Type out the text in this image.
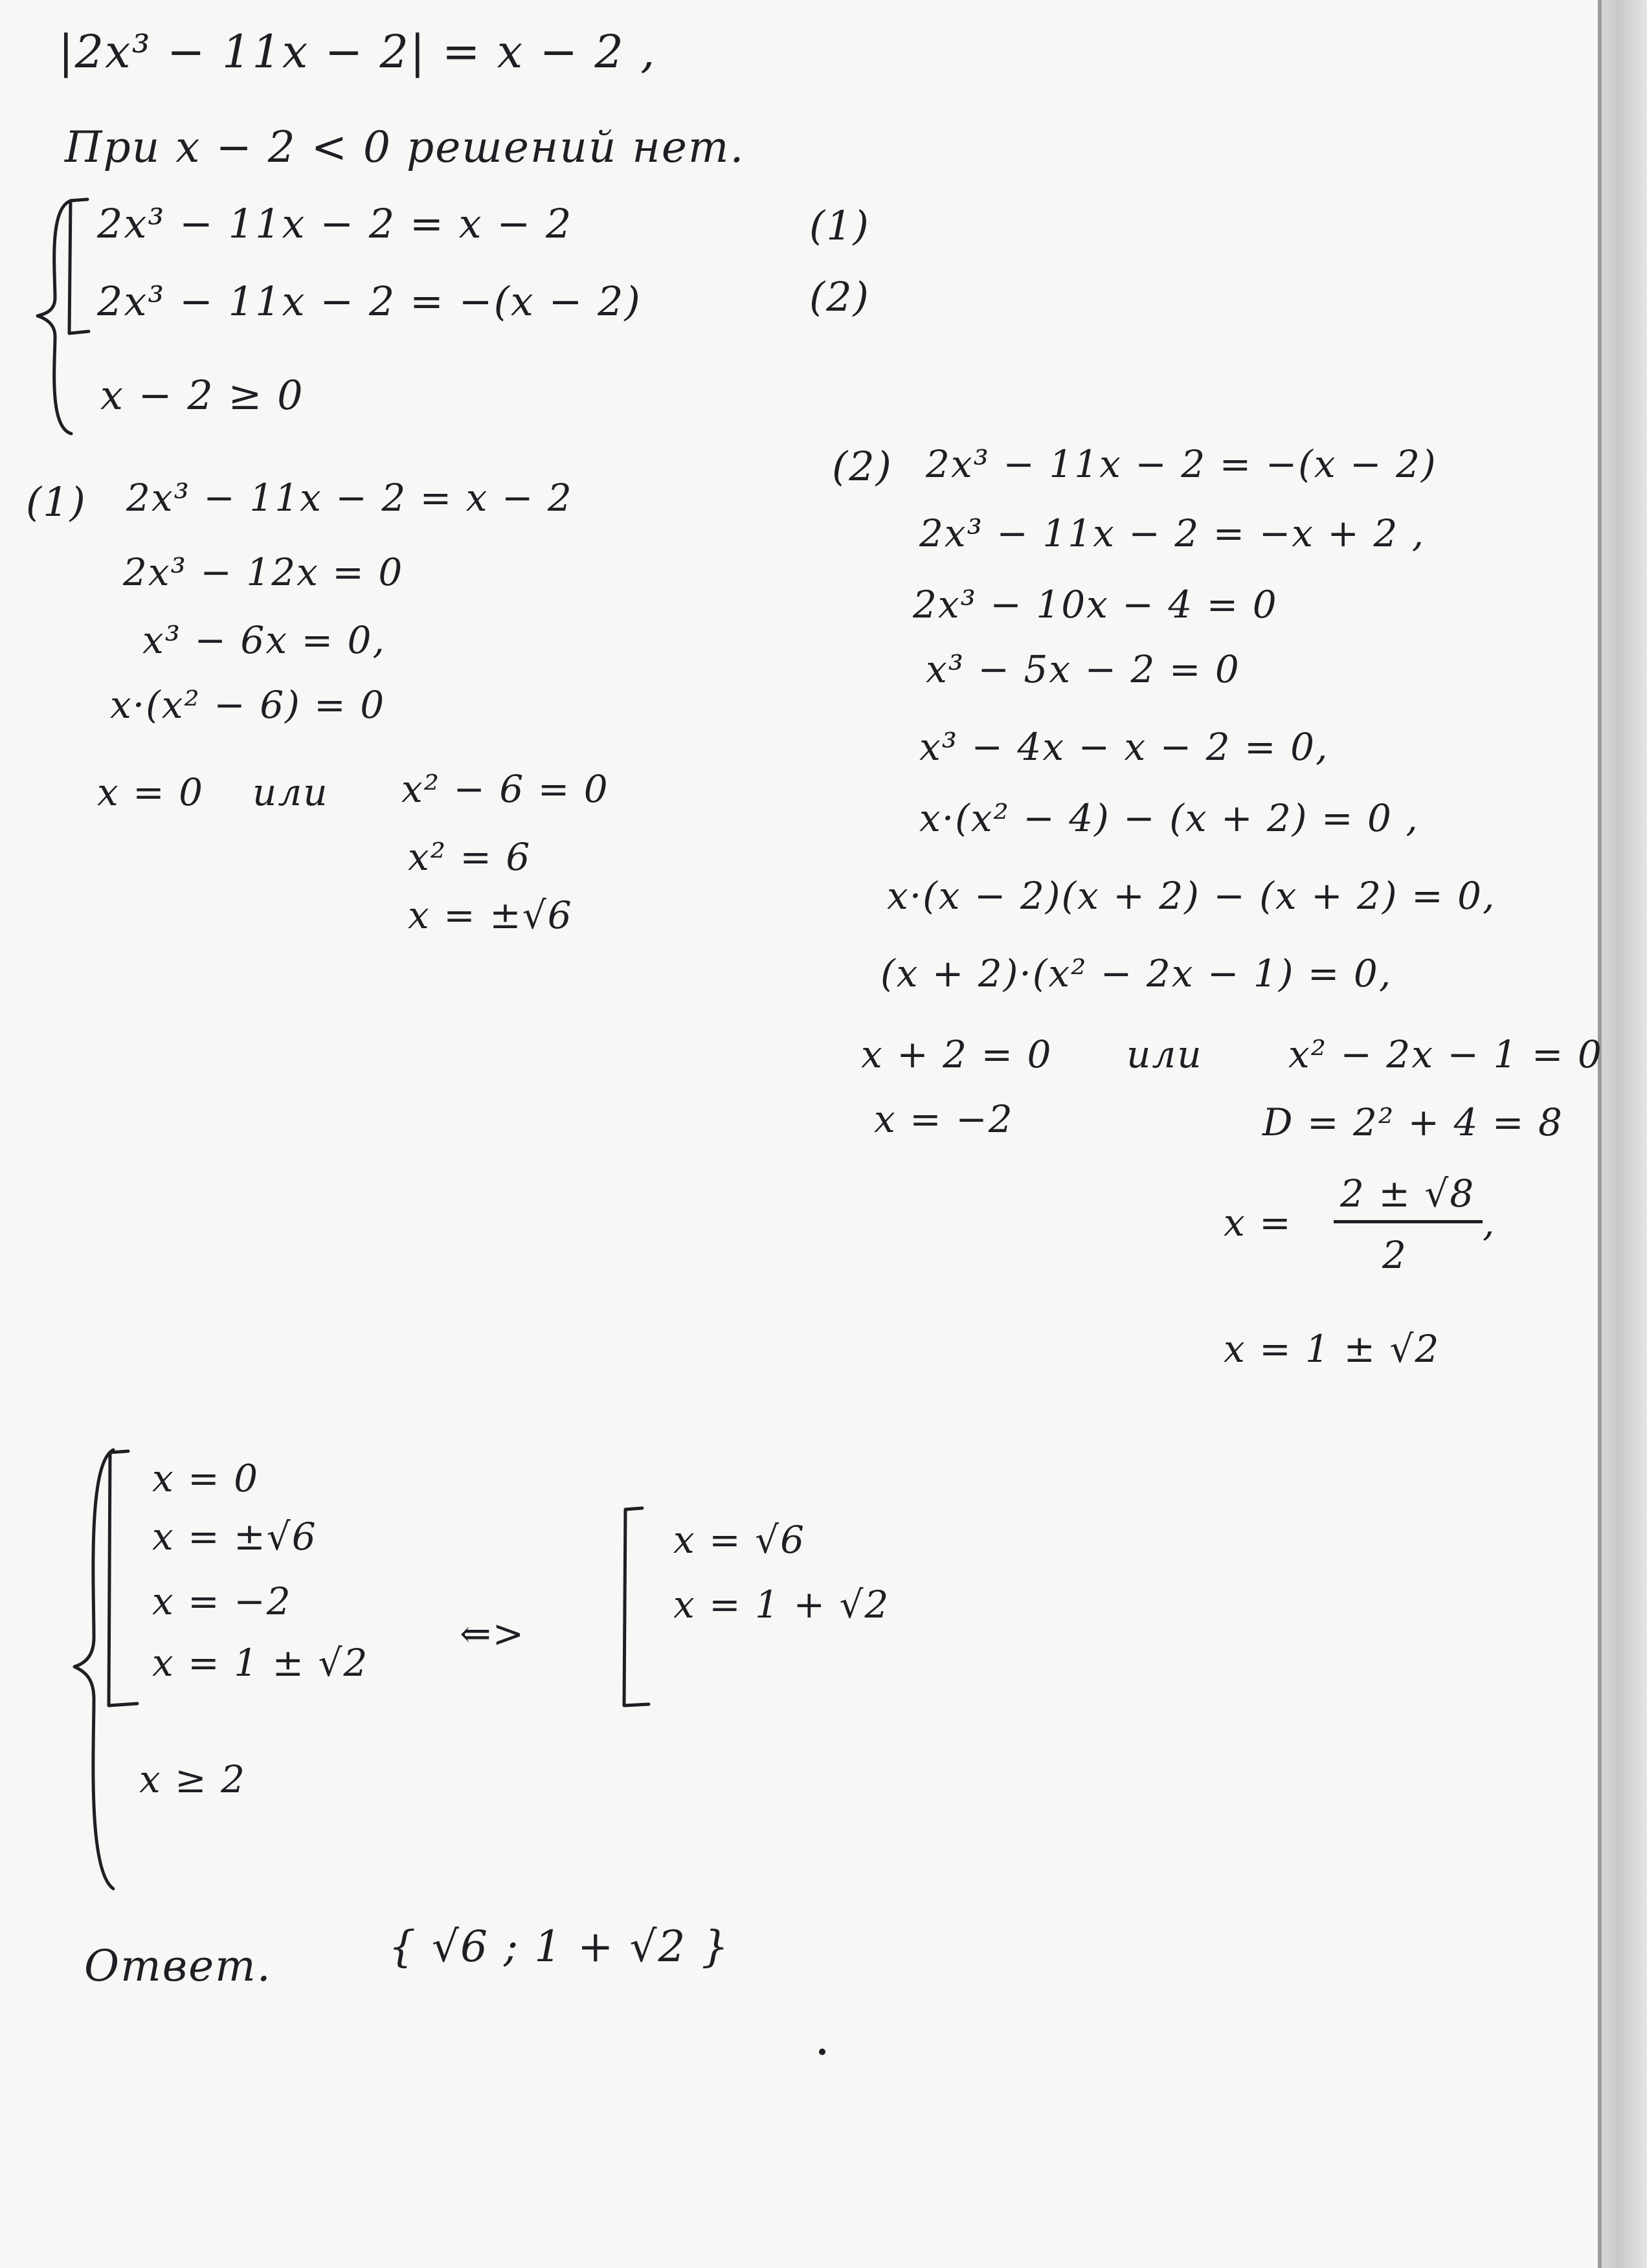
|2x³ − 11x − 2| = x − 2 ,
При x − 2 < 0 решений нет.
2x³ − 11x − 2 = x − 2	(1)
2x³ − 11x − 2 = −(x − 2)	(2)
x − 2 ≥ 0
(1) 2x³ − 11x − 2 = x − 2
2x³ − 12x = 0
x³ − 6x = 0,
x·(x² − 6) = 0
x = 0 или x² − 6 = 0
x² = 6
x = ±√6
(2) 2x³ − 11x − 2 = −(x − 2)
2x³ − 11x − 2 = −x + 2 ,
2x³ − 10x − 4 = 0
x³ − 5x − 2 = 0
x³ − 4x − x − 2 = 0,
x·(x² − 4) − (x + 2) = 0 ,
x·(x − 2)(x + 2) − (x + 2) = 0,
(x + 2)·(x² − 2x − 1) = 0,
x + 2 = 0 или x² − 2x − 1 = 0
x = −2	D = 2² + 4 = 8
x =
2 ± √8
2
,
x = 1 ± √2
x = 0
x = ±√6
x = −2
x = 1 ± √2
x ≥ 2
⇐>
x = √6
x = 1 + √2
Ответ.	{ √6 ; 1 + √2 }
